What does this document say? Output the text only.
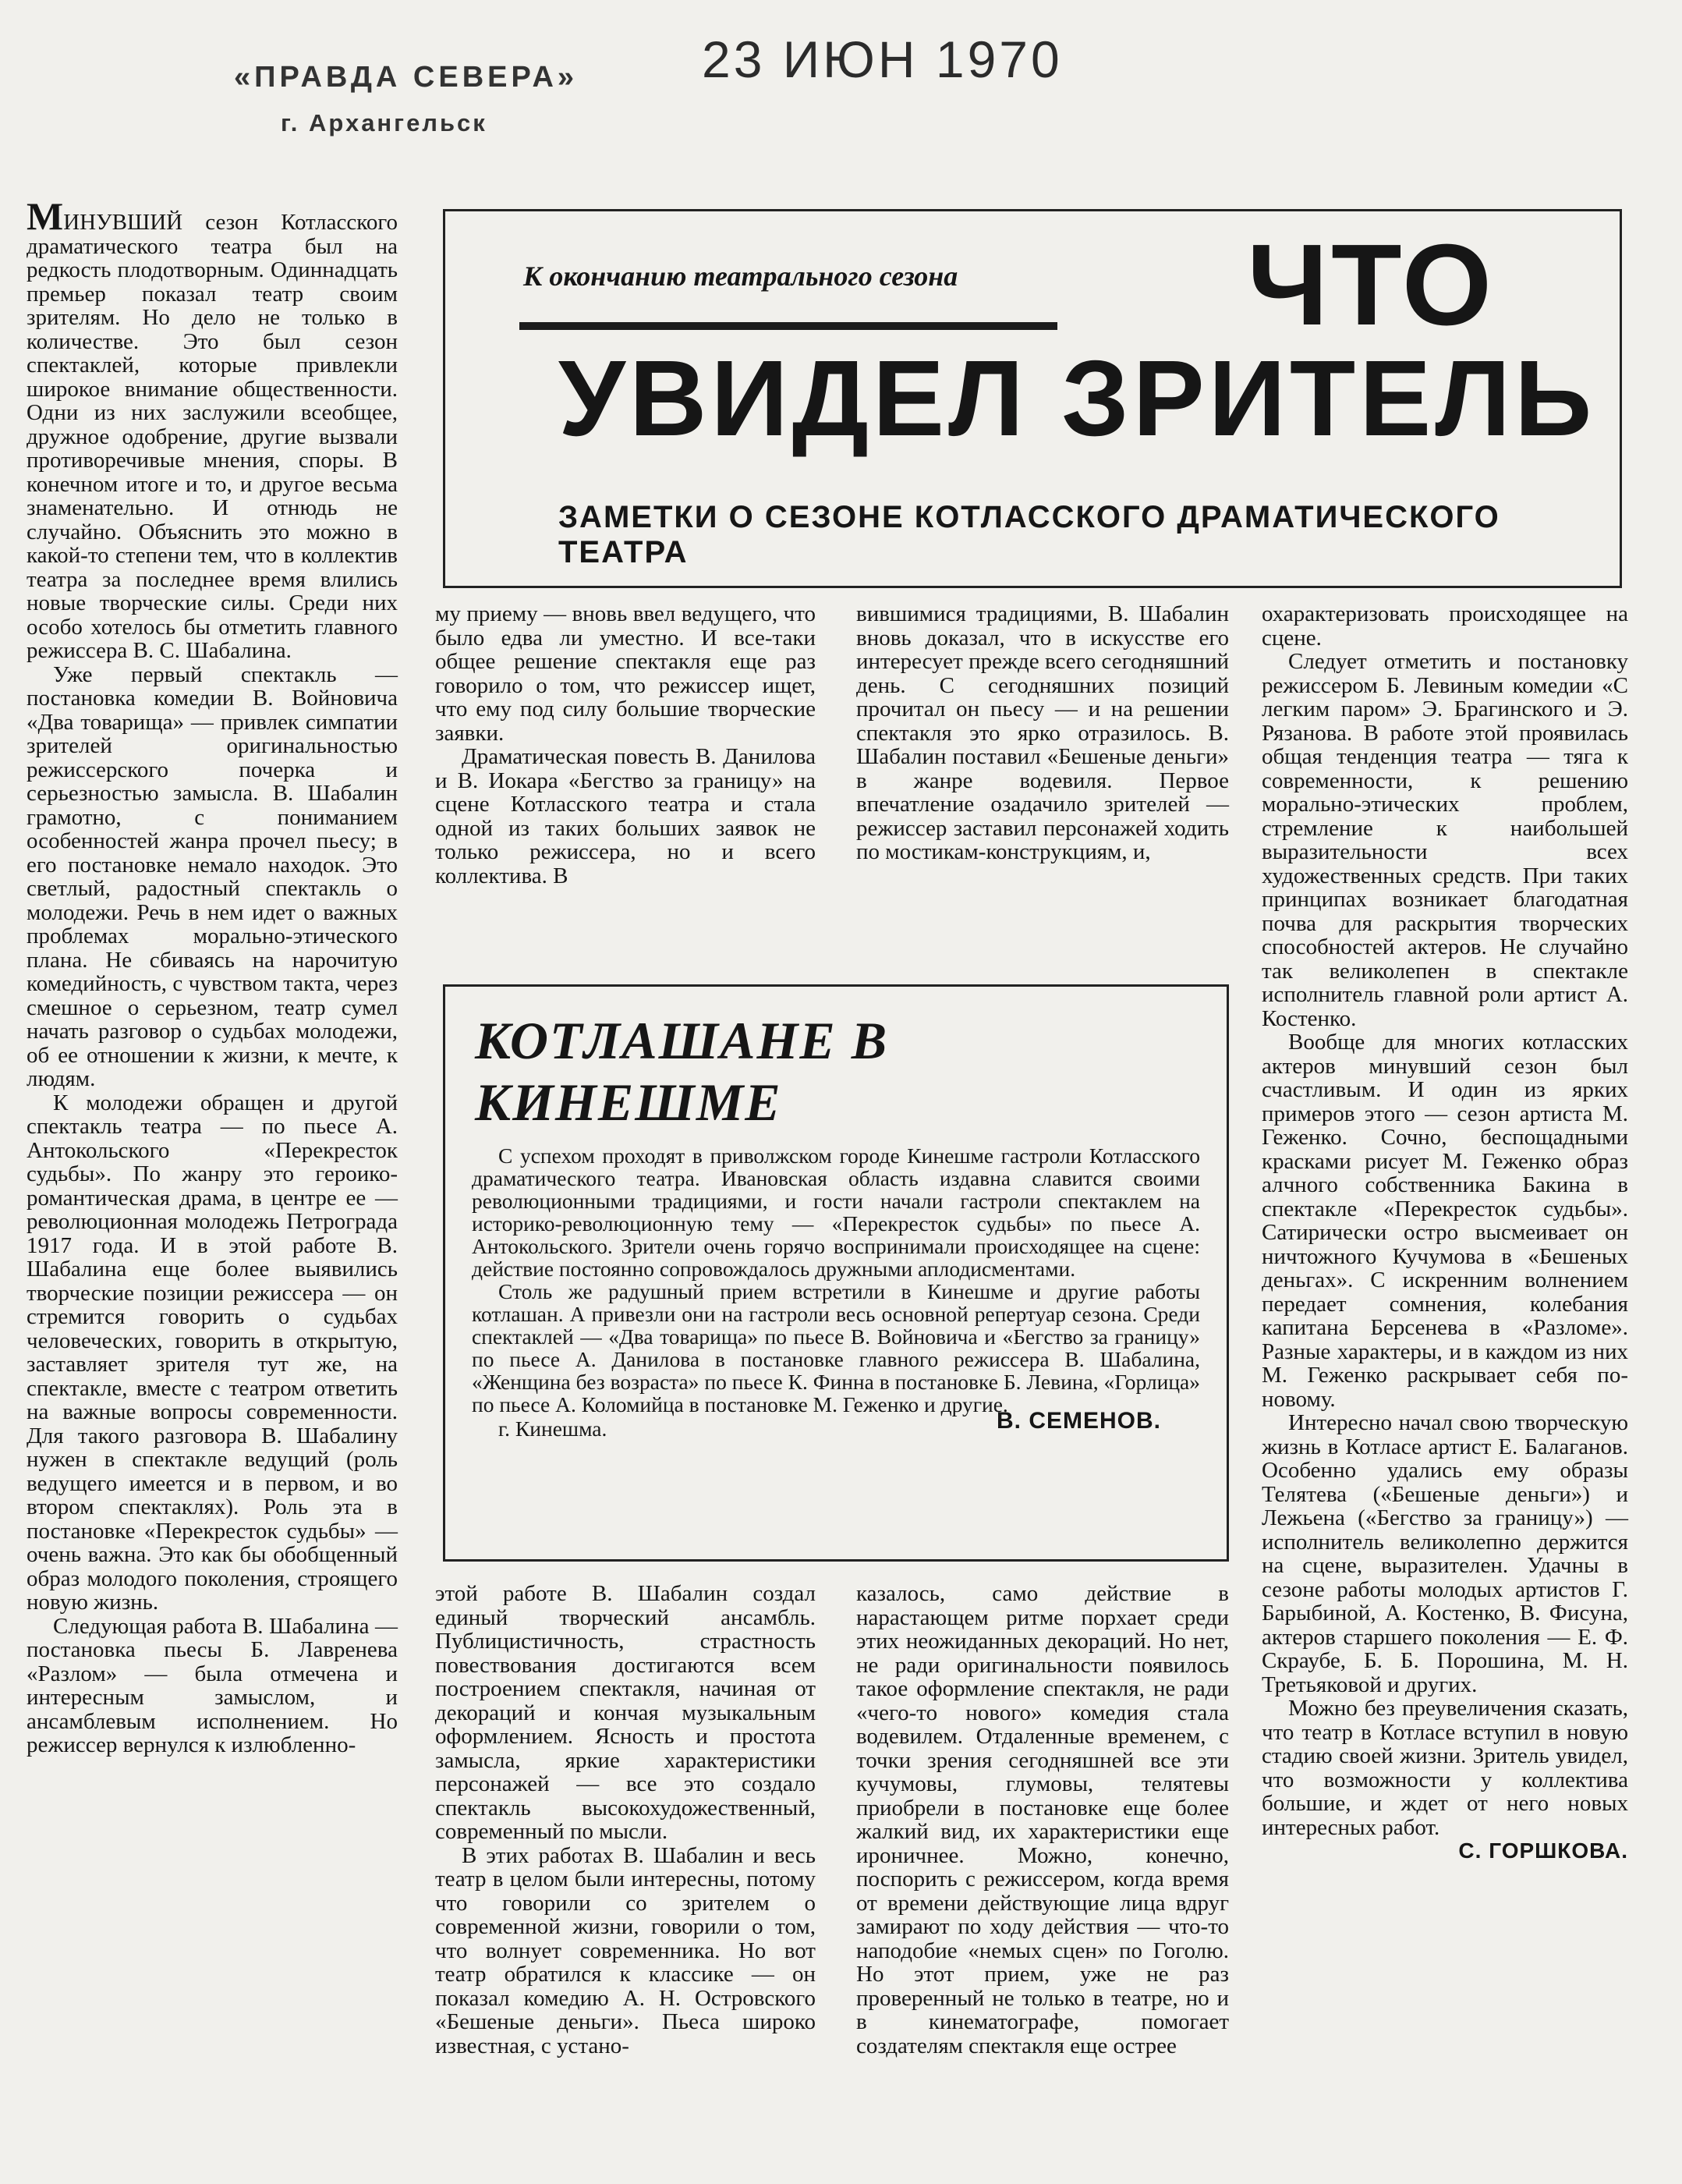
«ПРАВДА СЕВЕРА»
г. Архангельск
23 ИЮН 1970
К окончанию театрального сезона	ЧТО
УВИДЕЛ ЗРИТЕЛЬ
ЗАМЕТКИ О СЕЗОНЕ КОТЛАССКОГО ДРАМАТИЧЕСКОГО ТЕАТРА

МИНУВШИЙ сезон Котласского драматического театра был на редкость плодотворным. Одиннадцать премьер показал театр своим зрителям. Но дело не только в количестве. Это был сезон спектаклей, которые привлекли широкое внимание общественности. Одни из них заслужили всеобщее, дружное одобрение, другие вызвали противоречивые мнения, споры. В конечном итоге и то, и другое весьма знаменательно. И отнюдь не случайно. Объяснить это можно в какой-то степени тем, что в коллектив театра за последнее время влились новые творческие силы. Среди них особо хотелось бы отметить главного режиссера В. С. Шабалина.

Уже первый спектакль — постановка комедии В. Войновича «Два товарища» — привлек симпатии зрителей оригинальностью режиссерского почерка и серьезностью замысла. В. Шабалин грамотно, с пониманием особенностей жанра прочел пьесу; в его постановке немало находок. Это светлый, радостный спектакль о молодежи. Речь в нем идет о важных проблемах морально-этического плана. Не сбиваясь на нарочитую комедийность, с чувством такта, через смешное о серьезном, театр сумел начать разговор о судьбах молодежи, об ее отношении к жизни, к мечте, к людям.

К молодежи обращен и другой спектакль театра — по пьесе А. Антокольского «Перекресток судьбы». По жанру это героико-романтическая драма, в центре ее — революционная молодежь Петрограда 1917 года. И в этой работе В. Шабалина еще более выявились творческие позиции режиссера — он стремится говорить о судьбах человеческих, говорить в открытую, заставляет зрителя тут же, на спектакле, вместе с театром ответить на важные вопросы современности. Для такого разговора В. Шабалину нужен в спектакле ведущий (роль ведущего имеется и в первом, и во втором спектаклях). Роль эта в постановке «Перекресток судьбы» — очень важна. Это как бы обобщенный образ молодого поколения, строящего новую жизнь.

Следующая работа В. Шабалина — постановка пьесы Б. Лавренева «Разлом» — была отмечена и интересным замыслом, и ансамблевым исполнением. Но режиссер вернулся к излюбленно-

му приему — вновь ввел ведущего, что было едва ли уместно. И все-таки общее решение спектакля еще раз говорило о том, что режиссер ищет, что ему под силу большие творческие заявки.

Драматическая повесть В. Данилова и В. Иокара «Бегство за границу» на сцене Котласского театра и стала одной из таких больших заявок не только режиссера, но и всего коллектива. В

вившимися традициями, В. Шабалин вновь доказал, что в искусстве его интересует прежде всего сегодняшний день. С сегодняшних позиций прочитал он пьесу — и на решении спектакля это ярко отразилось. В. Шабалин поставил «Бешеные деньги» в жанре водевиля. Первое впечатление озадачило зрителей — режиссер заставил персонажей ходить по мостикам-конструкциям, и,

КОТЛАШАНЕ В КИНЕШМЕ

С успехом проходят в приволжском городе Кинешме гастроли Котласского драматического театра. Ивановская область издавна славится своими революционными традициями, и гости начали гастроли спектаклем на историко-революционную тему — «Перекресток судьбы» по пьесе А. Антокольского. Зрители очень горячо воспринимали происходящее на сцене: действие постоянно сопровождалось дружными аплодисментами.

Столь же радушный прием встретили в Кинешме и другие работы котлашан. А привезли они на гастроли весь основной репертуар сезона. Среди спектаклей — «Два товарища» по пьесе В. Войновича и «Бегство за границу» по пьесе А. Данилова в постановке главного режиссера В. Шабалина, «Женщина без возраста» по пьесе К. Финна в постановке Б. Левина, «Горлица» по пьесе А. Коломийца в постановке М. Геженко и другие.

г. Кинешма.	В. СЕМЕНОВ.

этой работе В. Шабалин создал единый творческий ансамбль. Публицистичность, страстность повествования достигаются всем построением спектакля, начиная от декораций и кончая музыкальным оформлением. Ясность и простота замысла, яркие характеристики персонажей — все это создало спектакль высокохудожественный, современный по мысли.

В этих работах В. Шабалин и весь театр в целом были интересны, потому что говорили со зрителем о современной жизни, говорили о том, что волнует современника. Но вот театр обратился к классике — он показал комедию А. Н. Островского «Бешеные деньги». Пьеса широко известная, с устано-

казалось, само действие в нарастающем ритме порхает среди этих неожиданных декораций. Но нет, не ради оригинальности появилось такое оформление спектакля, не ради «чего-то нового» комедия стала водевилем. Отдаленные временем, с точки зрения сегодняшней все эти кучумовы, глумовы, телятевы приобрели в постановке еще более жалкий вид, их характеристики еще ироничнее. Можно, конечно, поспорить с режиссером, когда время от времени действующие лица вдруг замирают по ходу действия — что-то наподобие «немых сцен» по Гоголю. Но этот прием, уже не раз проверенный не только в театре, но и в кинематографе, помогает создателям спектакля еще острее

охарактеризовать происходящее на сцене.

Следует отметить и постановку режиссером Б. Левиным комедии «С легким паром» Э. Брагинского и Э. Рязанова. В работе этой проявилась общая тенденция театра — тяга к современности, к решению морально-этических проблем, стремление к наибольшей выразительности всех художественных средств. При таких принципах возникает благодатная почва для раскрытия творческих способностей актеров. Не случайно так великолепен в спектакле исполнитель главной роли артист А. Костенко.

Вообще для многих котласских актеров минувший сезон был счастливым. И один из ярких примеров этого — сезон артиста М. Геженко. Сочно, беспощадными красками рисует М. Геженко образ алчного собственника Бакина в спектакле «Перекресток судьбы». Сатирически остро высмеивает он ничтожного Кучумова в «Бешеных деньгах». С искренним волнением передает сомнения, колебания капитана Берсенева в «Разломе». Разные характеры, и в каждом из них М. Геженко раскрывает себя по-новому.

Интересно начал свою творческую жизнь в Котласе артист Е. Балаганов. Особенно удались ему образы Телятева («Бешеные деньги») и Лежьена («Бегство за границу») — исполнитель великолепно держится на сцене, выразителен. Удачны в сезоне работы молодых артистов Г. Барыбиной, А. Костенко, В. Фисуна, актеров старшего поколения — Е. Ф. Скраубе, Б. Б. Порошина, М. Н. Третьяковой и других.

Можно без преувеличения сказать, что театр в Котласе вступил в новую стадию своей жизни. Зритель увидел, что возможности у коллектива большие, и ждет от него новых интересных работ.

С. ГОРШКОВА.
